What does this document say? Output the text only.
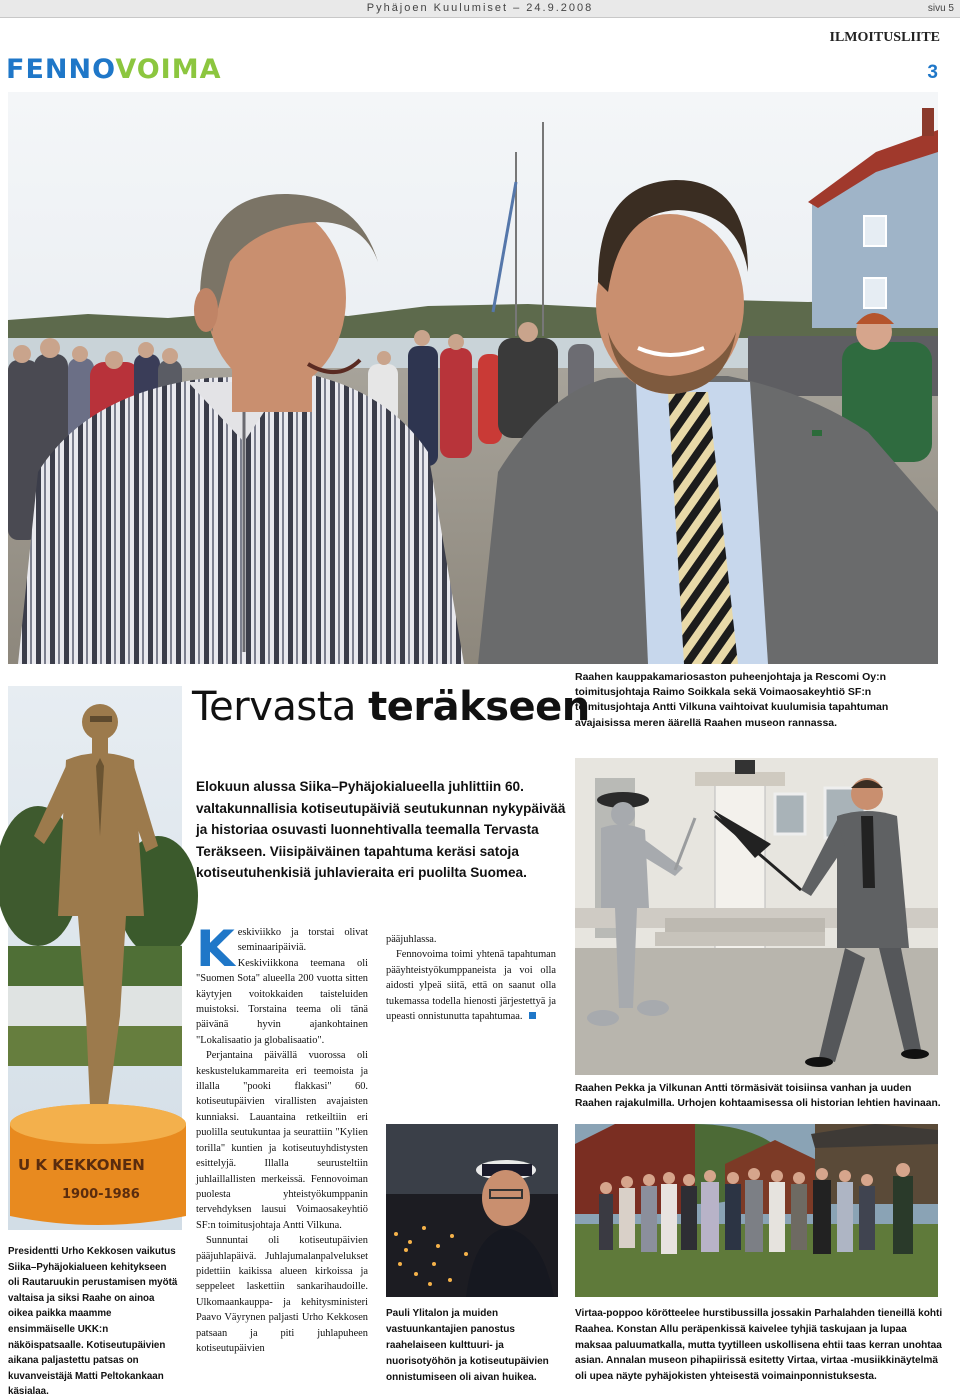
Pyhäjoen Kuulumiset – 24.9.2008	sivu 5
FENNOVOIMA
ILMOITUSLIITE
3
Tervasta teräkseen
Raahen kauppakamariosaston puheenjohtaja ja Rescomi Oy:n toimitusjohtaja Raimo Soikkala sekä Voimaosakeyhtiö SF:n toimitusjohtaja Antti Vilkuna vaihtoivat kuulumisia tapahtuman avajaisissa meren äärellä Raahen museon rannassa.
U K KEKKONEN
1900-1986
Presidentti Urho Kekkosen vaikutus Siika–Pyhäjokialueen kehitykseen oli Rautaruukin perustamisen myötä valtaisa ja siksi Raahe on ainoa oikea paikka maamme ensimmäiselle UKK:n näköispatsaalle. Kotiseutupäivien aikana paljastettu patsas on kuvanveistäjä Matti Peltokankaan käsialaa.
Elokuun alussa Siika–Pyhäjokialueella juhlittiin 60. valtakunnallisia kotiseutupäiviä seutukunnan nykypäivää ja historiaa osuvasti luonnehtivalla teemalla Tervasta Teräkseen. Viisipäiväinen tapahtuma keräsi satoja kotiseutuhenkisiä juhlavieraita eri puolilta Suomea.

Keskiviikko ja torstai olivat seminaaripäiviä. Keskiviikkona teemana oli "Suomen Sota" alueella 200 vuotta sitten käytyjen voitokkaiden taisteluiden muistoksi. Torstaina teema oli tänä päivänä hyvin ajankohtainen "Lokalisaatio ja globalisaatio".

Perjantaina päivällä vuorossa oli keskustelukammareita eri teemoista ja illalla "pooki flakkasi" 60. kotiseutupäivien virallisten avajaisten kunniaksi. Lauantaina retkeiltiin eri puolilla seutukuntaa ja seurattiin "Kylien torilla" kuntien ja kotiseutuyhdistysten esittelyjä. Illalla seurusteltiin juhlaillallisten merkeissä. Fennovoiman puolesta yhteistyökumppanin tervehdyksen lausui Voimaosakeyhtiö SF:n toimitusjohtaja Antti Vilkuna.

Sunnuntai oli kotiseutupäivien pääjuhlapäivä. Juhlajumalanpalvelukset pidettiin kaikissa alueen kirkoissa ja seppeleet laskettiin sankarihaudoille. Ulkomaankauppa- ja kehitysministeri Paavo Väyrynen paljasti Urho Kekkosen patsaan ja piti juhlapuheen kotiseutupäivien

pääjuhlassa.

Fennovoima toimi yhtenä tapahtuman pääyhteistyökumppaneista ja voi olla aidosti ylpeä siitä, että on saanut olla tukemassa todella hienosti järjestettyä ja upeasti onnistunutta tapahtumaa.

Raahen Pekka ja Vilkunan Antti törmäsivät toisiinsa vanhan ja uuden Raahen rajakulmilla. Urhojen kohtaamisessa oli historian lehtien havinaan.
Pauli Ylitalon ja muiden vastuunkantajien panostus raahelaiseen kulttuuri- ja nuorisotyöhön ja kotiseutupäivien onnistumiseen oli aivan huikea.
Virtaa-poppoo körötteelee hurstibussilla jossakin Parhalahden tieneillä kohti Raahea. Konstan Allu peräpenkissä kaivelee tyhjiä taskujaan ja lupaa maksaa paluumatkalla, mutta tyytilleen uskollisena ehtii taas kerran unohtaa asian. Annalan museon pihapiirissä esitetty Virtaa, virtaa -musiikkinäytelmä oli upea näyte pyhäjokisten yhteisestä voimainponnistuksesta.
